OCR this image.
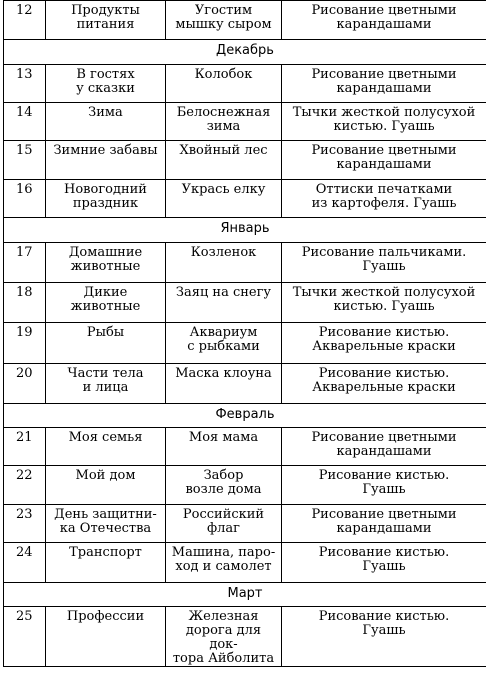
12	Продукты
питания	Угостим
мышку сыром	Рисование цветными
карандашами
Декабрь			
13	В гостях
у сказки	Колобок	Рисование цветными
карандашами
14	Зима	Белоснежная
зима	Тычки жесткой полусухой
кистью. Гуашь
15	Зимние забавы	Хвойный лес	Рисование цветными
карандашами
16	Новогодний
праздник	Укрась елку	Оттиски печатками
из картофеля. Гуашь
Январь			
17	Домашние
животные	Козленок	Рисование пальчиками. Гуашь
18	Дикие
животные	Заяц на снегу	Тычки жесткой полусухой
кистью. Гуашь
19	Рыбы	Аквариум
с рыбками	Рисование кистью.
Акварельные краски
20	Части тела
и лица	Маска клоуна	Рисование кистью.
Акварельные краски
Февраль			
21	Моя семья	Моя мама	Рисование цветными
карандашами
22	Мой дом	Забор
возле дома	Рисование кистью.
Гуашь
23	День защитни-
ка Отечества	Российский
флаг	Рисование цветными
карандашами
24	Транспорт	Машина, паро-
ход и самолет	Рисование кистью.
Гуашь
Март			
25	Профессии	Железная
дорога для док-
тора Айболита	Рисование кистью.
Гуашь
